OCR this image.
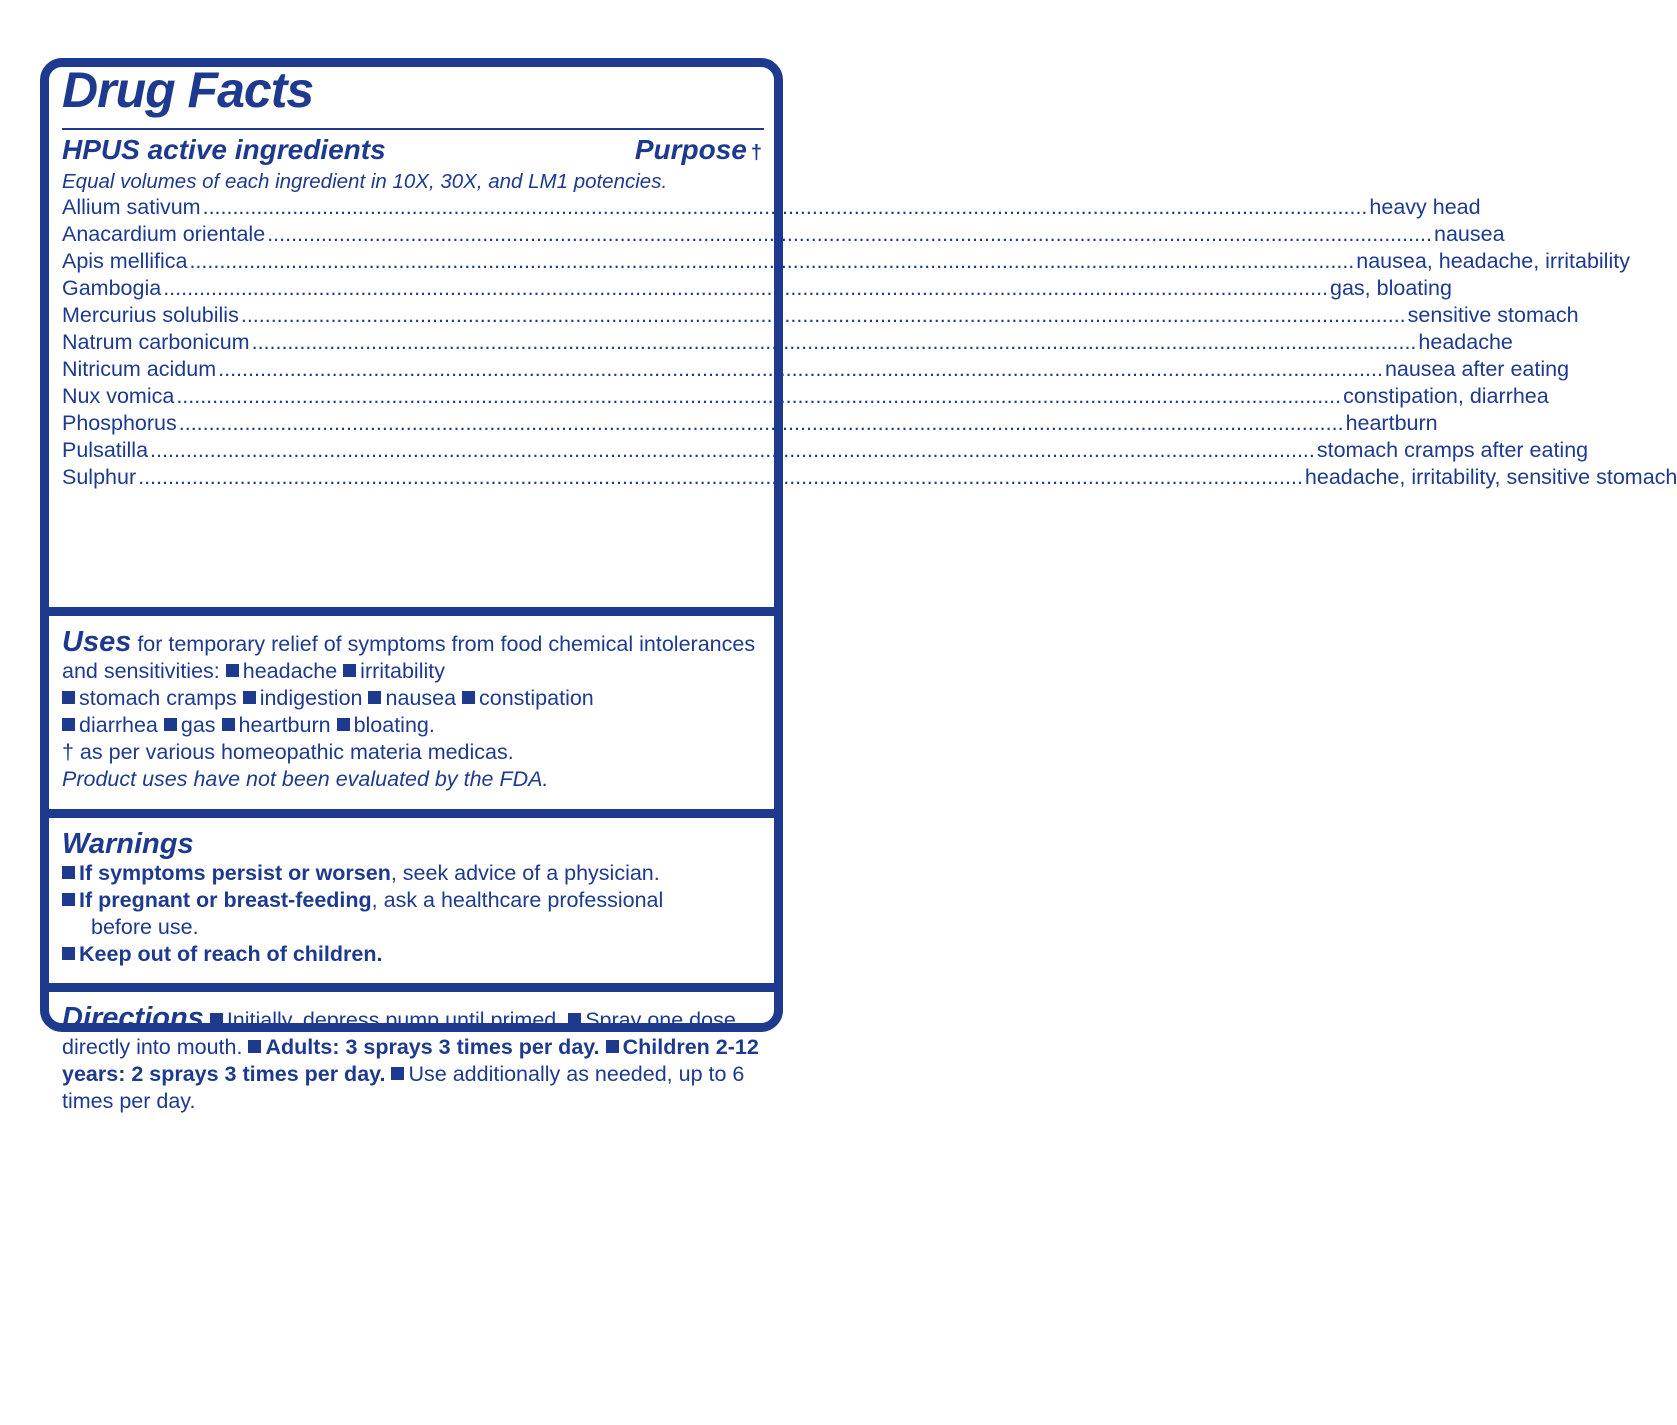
Drug Facts
HPUS active ingredients	Purpose †
Equal volumes of each ingredient in 10X, 30X, and LM1 potencies.
Allium sativum .....	heavy head
Anacardium orientale .....	nausea
Apis mellifica .....	nausea, headache, irritability
Gambogia .....	gas, bloating
Mercurius solubilis .....	sensitive stomach
Natrum carbonicum .....	headache
Nitricum acidum .....	nausea after eating
Nux vomica .....	constipation, diarrhea
Phosphorus .....	heartburn
Pulsatilla .....	stomach cramps after eating
Sulphur .....	headache, irritability, sensitive stomach

Uses for temporary relief of symptoms from food chemical intolerances and sensitivities: headache irritability
stomach cramps indigestion nausea constipation
diarrhea gas heartburn bloating.
† as per various homeopathic materia medicas.
Product uses have not been evaluated by the FDA.

Warnings
If symptoms persist or worsen, seek advice of a physician.
If pregnant or breast-feeding, ask a healthcare professional
before use.
Keep out of reach of children.

Directions Initially, depress pump until primed. Spray one dose directly into mouth. Adults: 3 sprays 3 times per day. Children 2-12 years: 2 sprays 3 times per day. Use additionally as needed, up to 6 times per day.
